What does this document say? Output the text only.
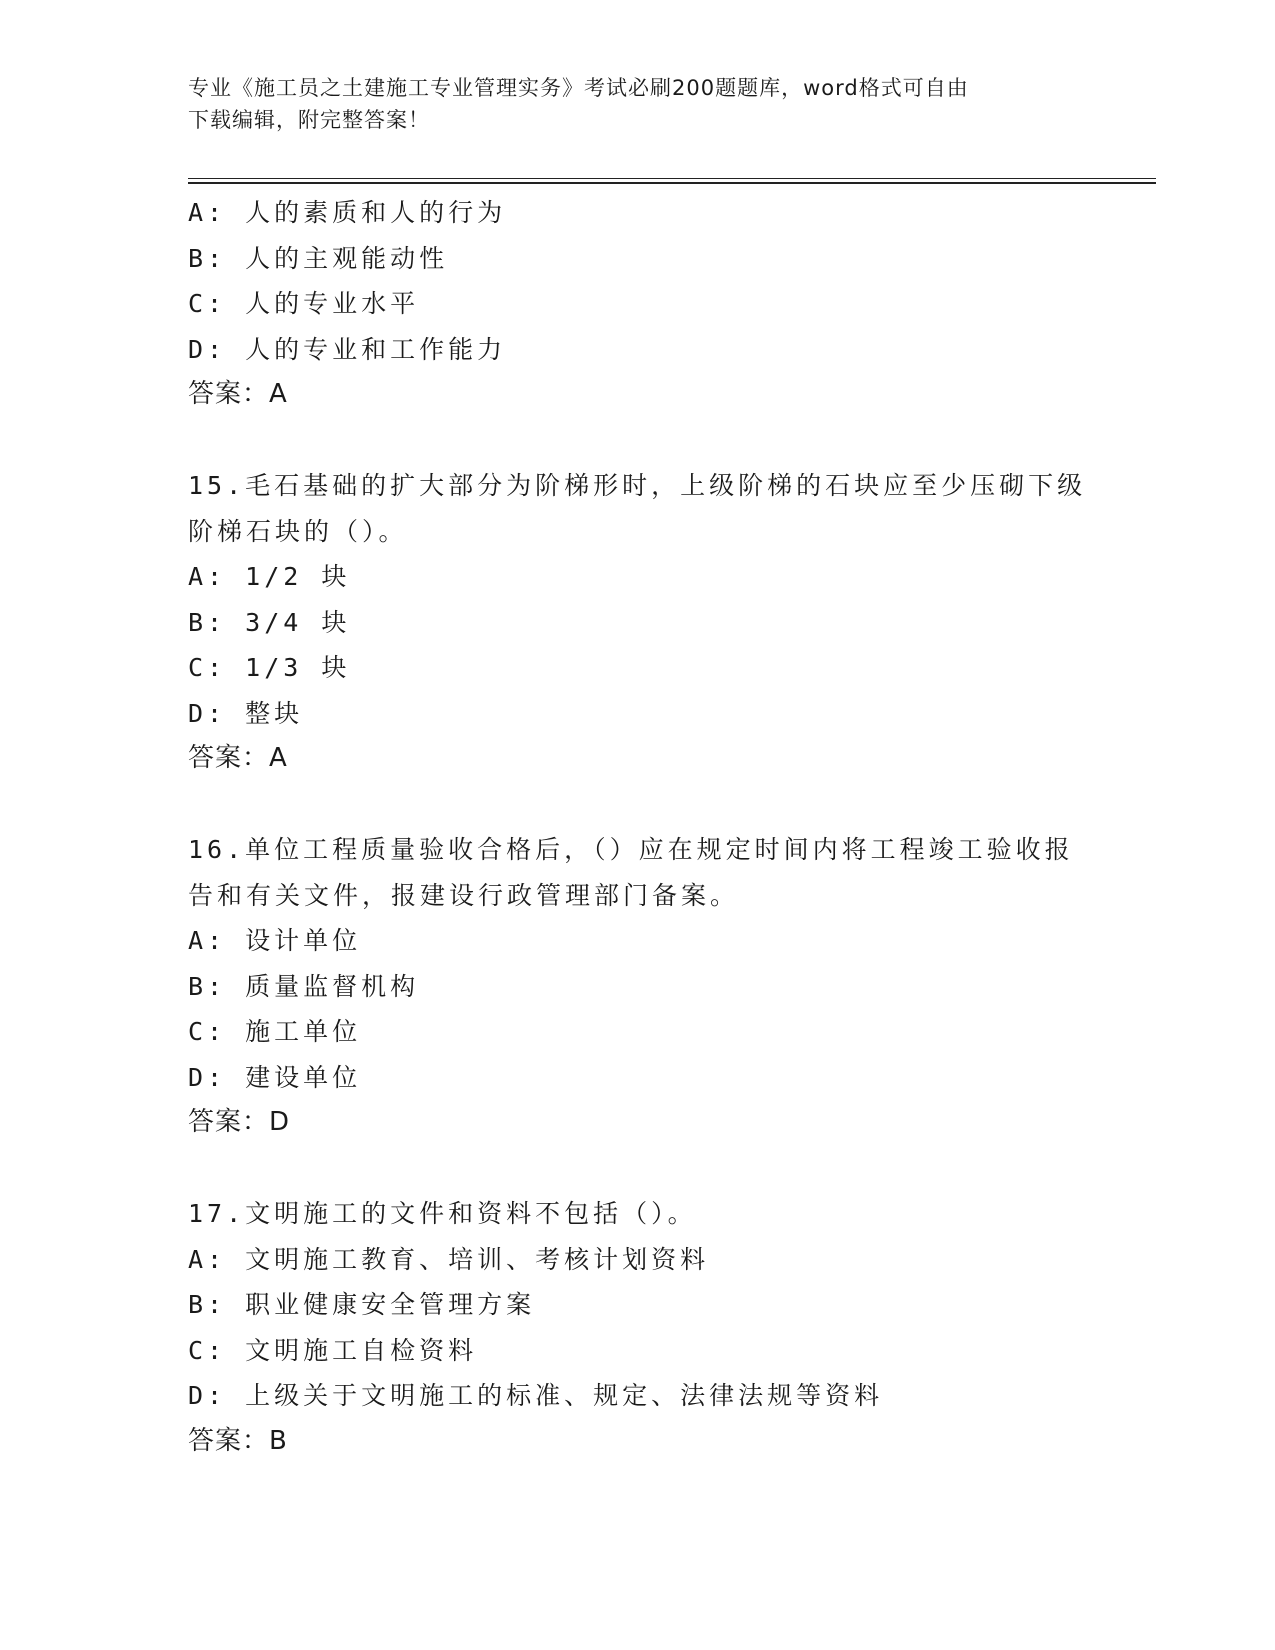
专业《施工员之土建施工专业管理实务》考试必刷200题题库，word格式可自由
下载编辑，附完整答案！
A: 人的素质和人的行为
B: 人的主观能动性
C: 人的专业水平
D: 人的专业和工作能力
答案：A
15.毛石基础的扩大部分为阶梯形时，上级阶梯的石块应至少压砌下级
阶梯石块的（）。
A: 1/2 块
B: 3/4 块
C: 1/3 块
D: 整块
答案：A
16.单位工程质量验收合格后，（）应在规定时间内将工程竣工验收报
告和有关文件，报建设行政管理部门备案。
A: 设计单位
B: 质量监督机构
C: 施工单位
D: 建设单位
答案：D
17.文明施工的文件和资料不包括（）。
A: 文明施工教育、培训、考核计划资料
B: 职业健康安全管理方案
C: 文明施工自检资料
D: 上级关于文明施工的标准、规定、法律法规等资料
答案：B
